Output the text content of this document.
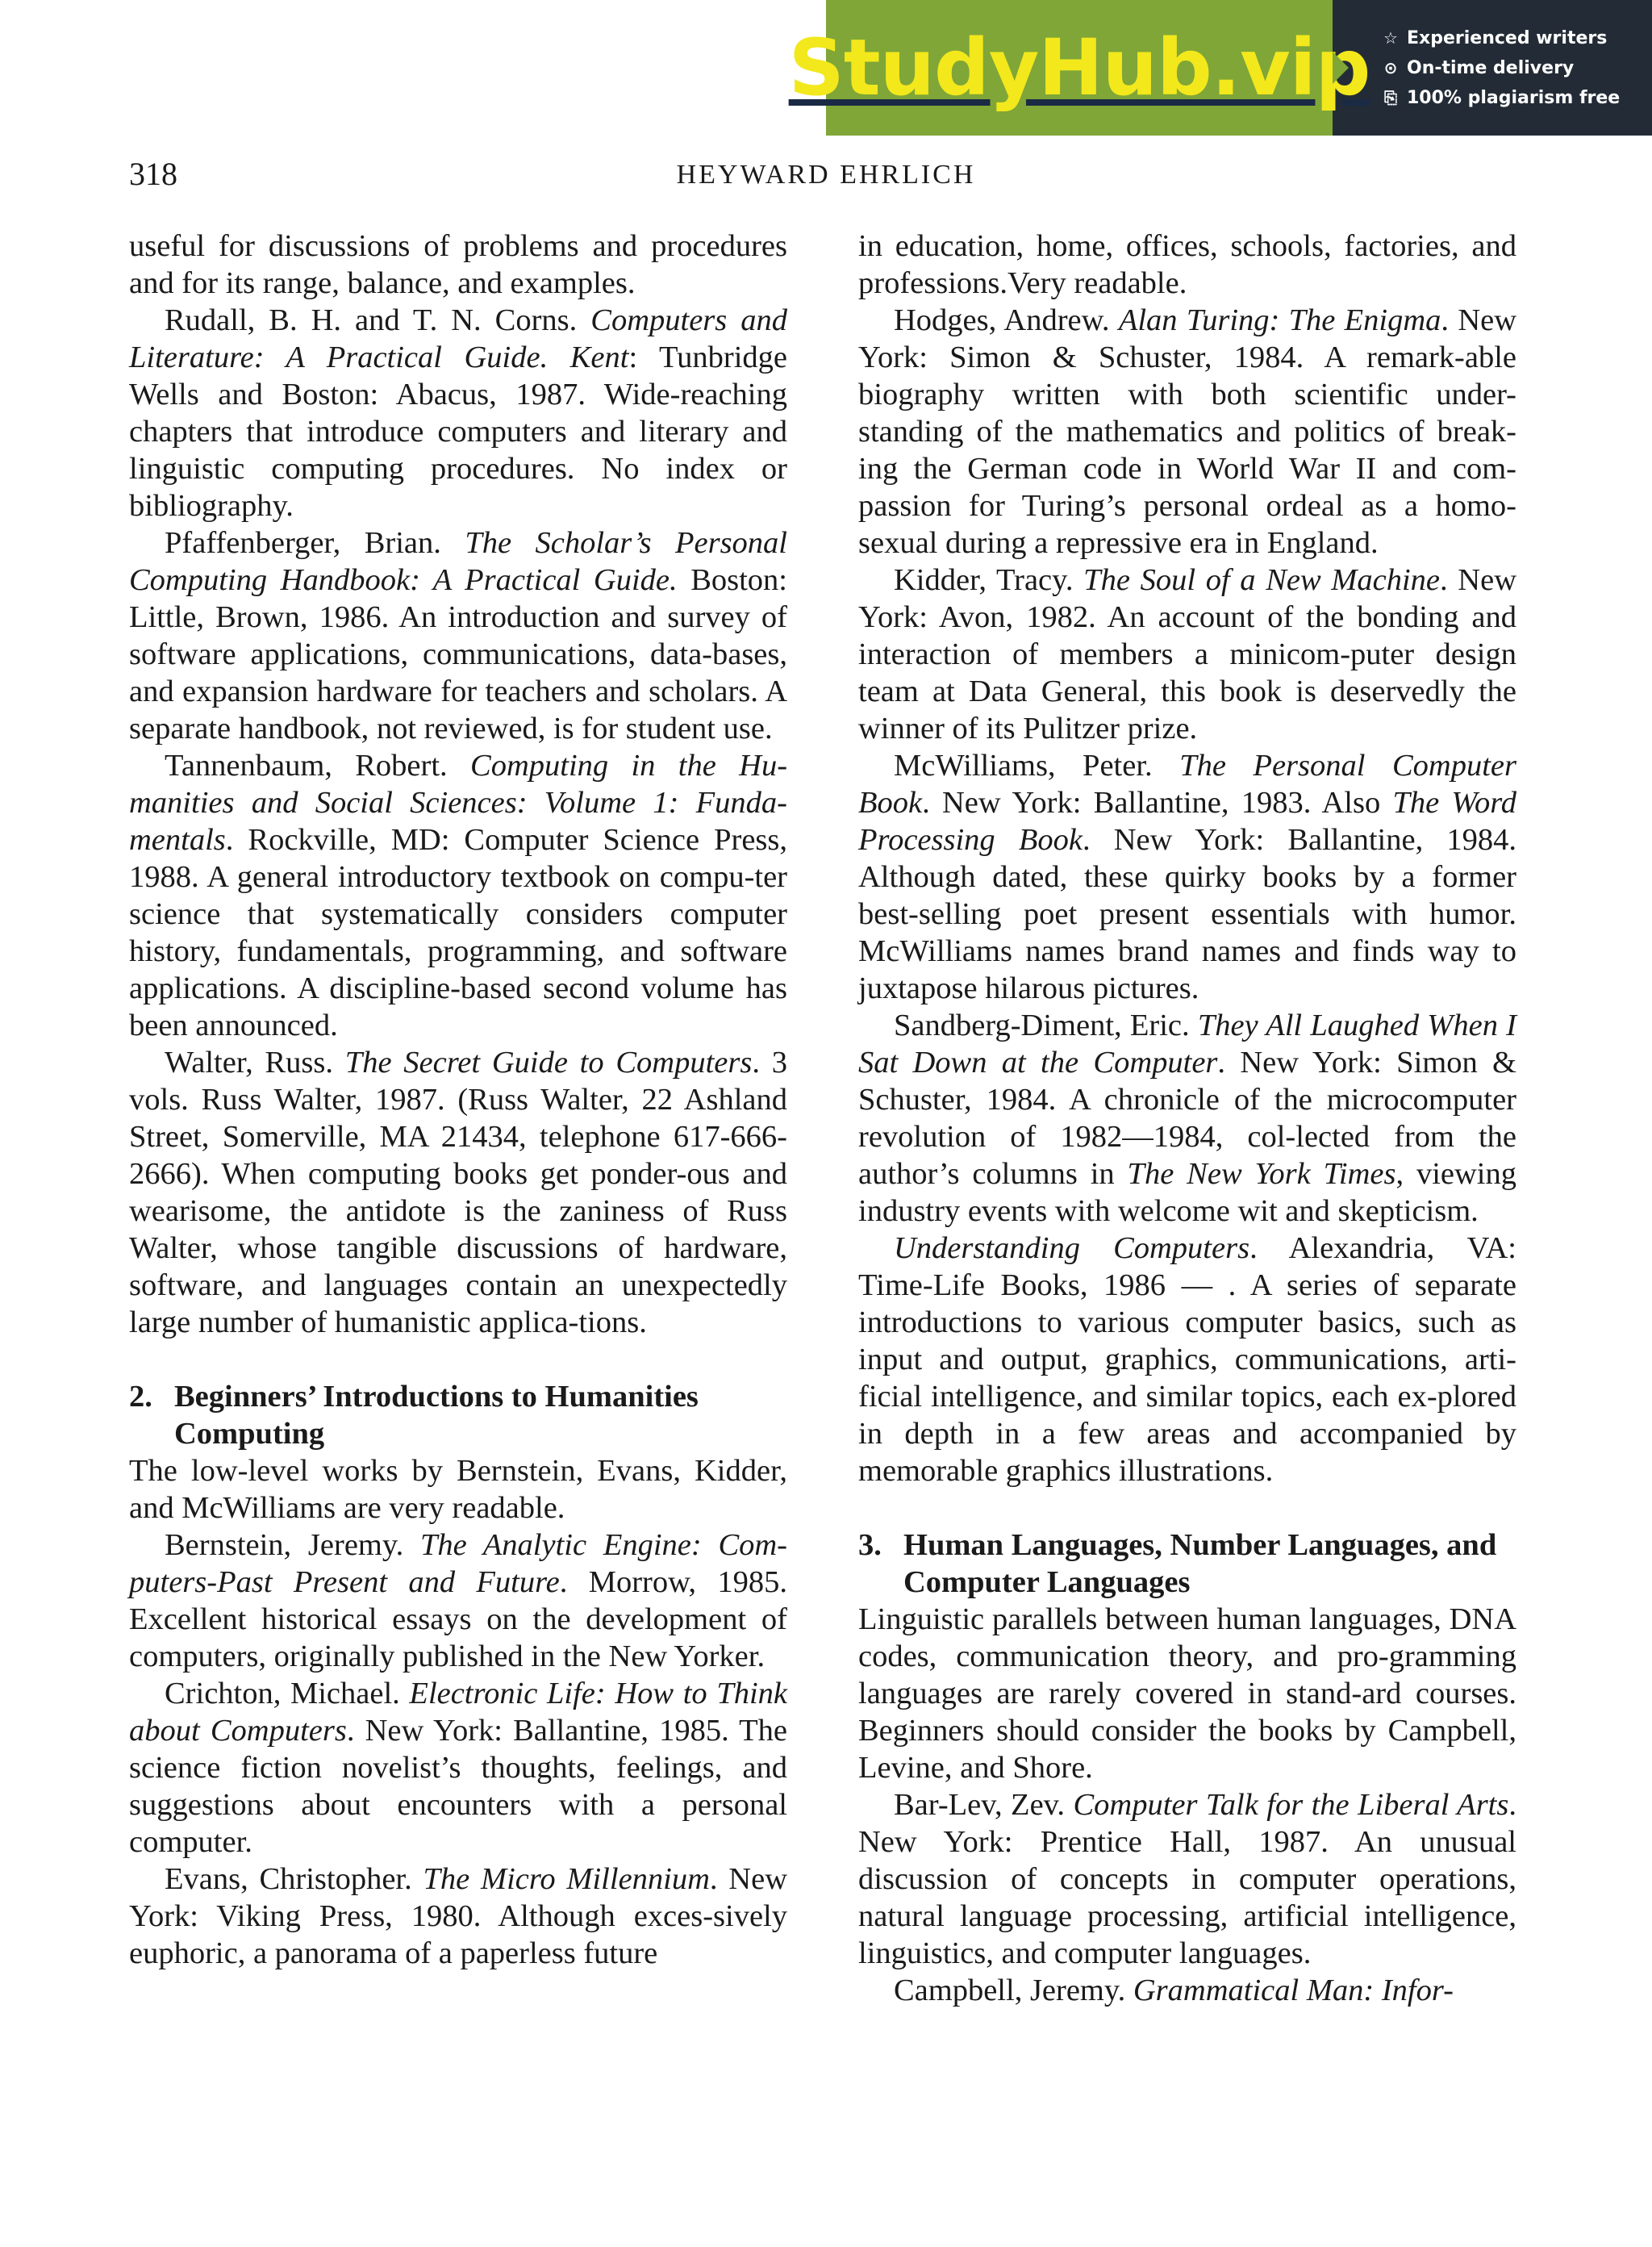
StudyHub.vip ☆ Experienced writers
⊙ On-time delivery
⎘ 100% plagiarism free
318	HEYWARD EHRLICH

useful for discussions of problems and procedures and for its range, balance, and examples.

Rudall, B. H. and T. N. Corns. Computers and Literature: A Practical Guide. Kent: Tunbridge Wells and Boston: Abacus, 1987. Wide-reaching chapters that introduce computers and literary and linguistic computing procedures. No index or bibliography.

Pfaffenberger, Brian. The Scholar’s Personal Computing Handbook: A Practical Guide. Boston: Little, Brown, 1986. An introduction and survey of software applications, communications, data-bases, and expansion hardware for teachers and scholars. A separate handbook, not reviewed, is for student use.

Tannenbaum, Robert. Computing in the Hu-manities and Social Sciences: Volume 1: Funda-mentals. Rockville, MD: Computer Science Press, 1988. A general introductory textbook on compu-ter science that systematically considers computer history, fundamentals, programming, and software applications. A discipline-based second volume has been announced.

Walter, Russ. The Secret Guide to Computers. 3 vols. Russ Walter, 1987. (Russ Walter, 22 Ashland Street, Somerville, MA 21434, telephone 617-666-2666). When computing books get ponder-ous and wearisome, the antidote is the zaniness of Russ Walter, whose tangible discussions of hardware, software, and languages contain an unexpectedly large number of humanistic applica-tions.

2. Beginners’ Introductions to Humanities Computing

The low-level works by Bernstein, Evans, Kidder, and McWilliams are very readable.

Bernstein, Jeremy. The Analytic Engine: Com-puters-Past Present and Future. Morrow, 1985. Excellent historical essays on the development of computers, originally published in the New Yorker.

Crichton, Michael. Electronic Life: How to Think about Computers. New York: Ballantine, 1985. The science fiction novelist’s thoughts, feelings, and suggestions about encounters with a personal computer.

Evans, Christopher. The Micro Millennium. New York: Viking Press, 1980. Although exces-sively euphoric, a panorama of a paperless future

in education, home, offices, schools, factories, and professions.Very readable.

Hodges, Andrew. Alan Turing: The Enigma. New York: Simon & Schuster, 1984. A remark-able biography written with both scientific under-standing of the mathematics and politics of break-ing the German code in World War II and com-passion for Turing’s personal ordeal as a homo-sexual during a repressive era in England.

Kidder, Tracy. The Soul of a New Machine. New York: Avon, 1982. An account of the bonding and interaction of members a minicom-puter design team at Data General, this book is deservedly the winner of its Pulitzer prize.

McWilliams, Peter. The Personal Computer Book. New York: Ballantine, 1983. Also The Word Processing Book. New York: Ballantine, 1984. Although dated, these quirky books by a former best-selling poet present essentials with humor. McWilliams names brand names and finds way to juxtapose hilarous pictures.

Sandberg-Diment, Eric. They All Laughed When I Sat Down at the Computer. New York: Simon & Schuster, 1984. A chronicle of the microcomputer revolution of 1982—1984, col-lected from the author’s columns in The New York Times, viewing industry events with welcome wit and skepticism.

Understanding Computers. Alexandria, VA: Time-Life Books, 1986 — . A series of separate introductions to various computer basics, such as input and output, graphics, communications, arti-ficial intelligence, and similar topics, each ex-plored in depth in a few areas and accompanied by memorable graphics illustrations.

3. Human Languages, Number Languages, and Computer Languages

Linguistic parallels between human languages, DNA codes, communication theory, and pro-gramming languages are rarely covered in stand-ard courses. Beginners should consider the books by Campbell, Levine, and Shore.

Bar-Lev, Zev. Computer Talk for the Liberal Arts. New York: Prentice Hall, 1987. An unusual discussion of concepts in computer operations, natural language processing, artificial intelligence, linguistics, and computer languages.

Campbell, Jeremy. Grammatical Man: Infor-
